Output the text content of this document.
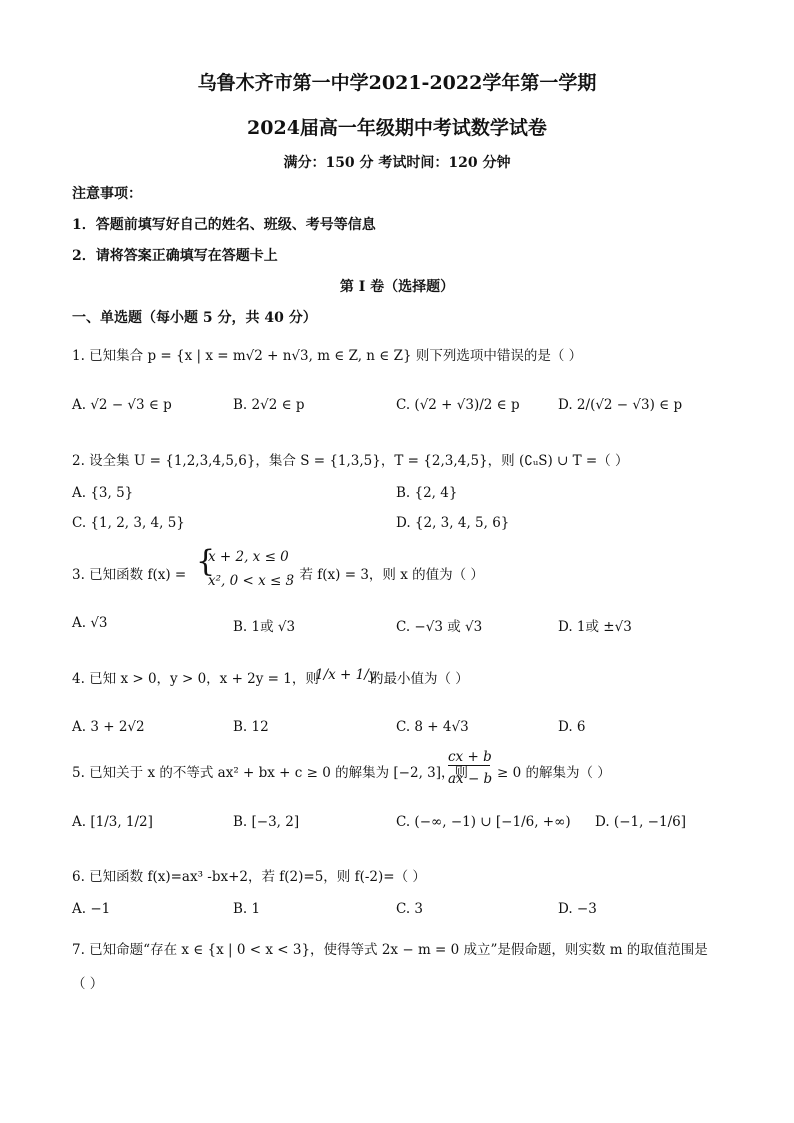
乌鲁木齐市第一中学2021-2022学年第一学期
2024届高一年级期中考试数学试卷
满分：150 分 考试时间：120 分钟
注意事项：
1．答题前填写好自己的姓名、班级、考号等信息
2．请将答案正确填写在答题卡上
第 I 卷（选择题）
一、单选题（每小题 5 分，共 40 分）
1. 已知集合 p = {x | x = m√2 + n√3, m ∈ Z, n ∈ Z} 则下列选项中错误的是（ ）
A. √2 − √3 ∈ p	B. 2√2 ∈ p	C. (√2 + √3)/2 ∈ p	D. 2/(√2 − √3) ∈ p
2. 设全集 U = {1,2,3,4,5,6}，集合 S = {1,3,5}，T = {2,3,4,5}，则 (∁ᵤS) ∪ T =（ ）
A. {3, 5}	B. {2, 4}
C. {1, 2, 3, 4, 5}	D. {2, 3, 4, 5, 6}
3. 已知函数 f(x) = {
x + 2, x ≤ 0
x², 0 < x ≤ 3
，若 f(x) = 3，则 x 的值为（ ）
A. √3	B. 1或 √3	C. −√3 或 √3	D. 1或 ±√3
4. 已知 x > 0，y > 0，x + 2y = 1，则
1/x + 1/y
的最小值为（ ）
A. 3 + 2√2	B. 12	C. 8 + 4√3	D. 6
5. 已知关于 x 的不等式 ax² + bx + c ≥ 0 的解集为 [−2, 3]，则
cx + b
ax − b ≥ 0 的解集为（ ）
A. [1/3, 1/2]	B. [−3, 2]	C. (−∞, −1) ∪ [−1/6, +∞) D. (−1, −1/6]
6. 已知函数 f(x)=ax³ -bx+2，若 f(2)=5，则 f(-2)=（ ）
A. −1	B. 1	C. 3	D. −3
7. 已知命题“存在 x ∈ {x | 0 < x < 3}，使得等式 2x − m = 0 成立”是假命题，则实数 m 的取值范围是
（ ）
